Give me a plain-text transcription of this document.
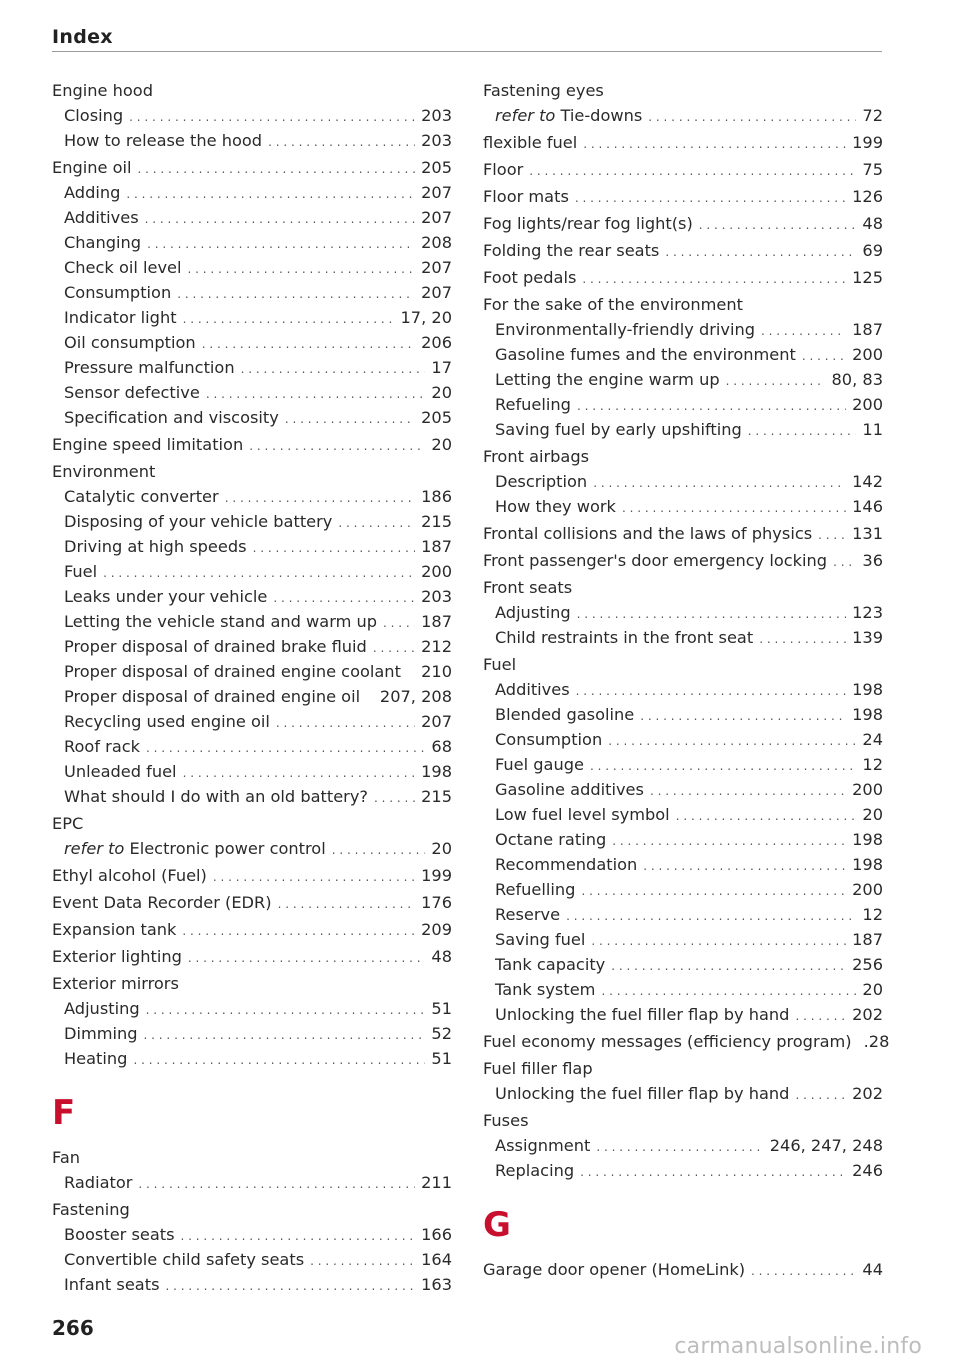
Index
Engine hood
Closing . . .	203
How to release the hood . . .	203
Engine oil . . .	205
Adding . . .	207
Additives . . .	207
Changing . . .	208
Check oil level . . .	207
Consumption . . .	207
Indicator light . . .	17, 20
Oil consumption . . .	206
Pressure malfunction . . .	17
Sensor defective . . .	20
Specification and viscosity . . .	205
Engine speed limitation . . .	20
Environment
Catalytic converter . . .	186
Disposing of your vehicle battery . . .	215
Driving at high speeds . . .	187
Fuel . . .	200
Leaks under your vehicle . . .	203
Letting the vehicle stand and warm up . . .	187
Proper disposal of drained brake fluid . . .	212
Proper disposal of drained engine coolant 210
Proper disposal of drained engine oil 207, 208
Recycling used engine oil . . .	207
Roof rack . . .	68
Unleaded fuel . . .	198
What should I do with an old battery? . . .	215
EPC
refer to Electronic power control . . .	20
Ethyl alcohol (Fuel) . . .	199
Event Data Recorder (EDR) . . .	176
Expansion tank . . .	209
Exterior lighting . . .	48
Exterior mirrors
Adjusting . . .	51
Dimming . . .	52
Heating . . .	51
F
Fan
Radiator . . .	211
Fastening
Booster seats . . .	166
Convertible child safety seats . . .	164
Infant seats . . .	163
Fastening eyes
refer to Tie-downs . . .	72
flexible fuel . . .	199
Floor . . .	75
Floor mats . . .	126
Fog lights/rear fog light(s) . . .	48
Folding the rear seats . . .	69
Foot pedals . . .	125
For the sake of the environment
Environmentally-friendly driving . . .	187
Gasoline fumes and the environment . . .	200
Letting the engine warm up . . .	80, 83
Refueling . . .	200
Saving fuel by early upshifting . . .	11
Front airbags
Description . . .	142
How they work . . .	146
Frontal collisions and the laws of physics . . . 131
Front passenger's door emergency locking . . . 36
Front seats
Adjusting . . .	123
Child restraints in the front seat . . .	139
Fuel
Additives . . .	198
Blended gasoline . . .	198
Consumption . . .	24
Fuel gauge . . .	12
Gasoline additives . . .	200
Low fuel level symbol . . .	20
Octane rating . . .	198
Recommendation . . .	198
Refuelling . . .	200
Reserve . . .	12
Saving fuel . . .	187
Tank capacity . . .	256
Tank system . . .	20
Unlocking the fuel filler flap by hand . . .	202
Fuel economy messages (efficiency program) .28
Fuel filler flap
Unlocking the fuel filler flap by hand . . .	202
Fuses
Assignment . . .	246, 247, 248
Replacing . . .	246
G
Garage door opener (HomeLink) . . .	44
266
carmanualsonline.info
